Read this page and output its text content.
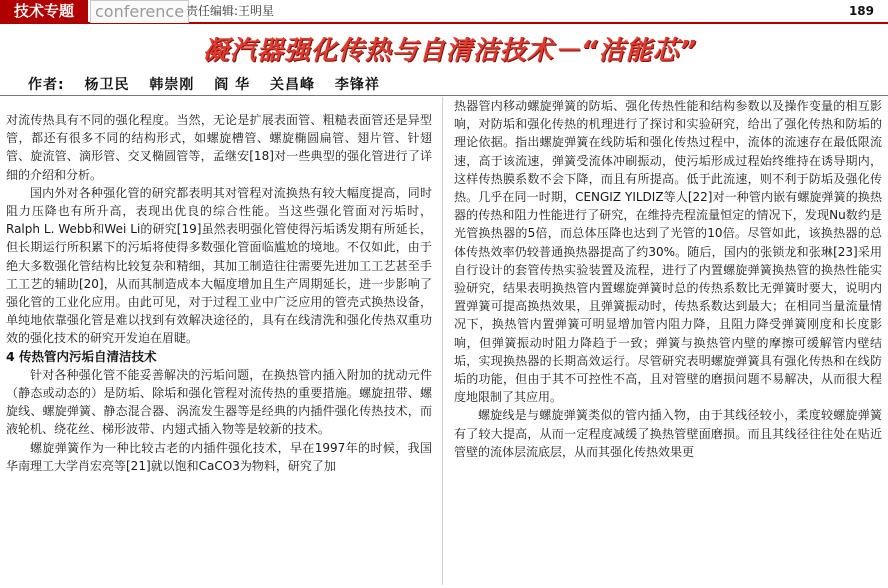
技术专题	conference 责任编辑:王明星	189
凝汽器强化传热与自清洁技术－“洁能芯”
作者: 杨卫民 韩崇刚 阎 华 关昌峰 李锋祥

对流传热具有不同的强化程度。当然，无论是扩展表面管、粗糙表面管还是异型管，都还有很多不同的结构形式，如螺旋槽管、螺旋椭圆扁管、翅片管、针翅管、旋流管、滴形管、交叉椭圆管等，孟继安[18]对一些典型的强化管进行了详细的介绍和分析。

国内外对各种强化管的研究都表明其对管程对流换热有较大幅度提高，同时阻力压降也有所升高，表现出优良的综合性能。当这些强化管面对污垢时，Ralph L. Webb和Wei Li的研究[19]虽然表明强化管使得污垢诱发期有所延长，但长期运行所积累下的污垢将使得多数强化管面临尴尬的境地。不仅如此，由于绝大多数强化管结构比较复杂和精细，其加工制造往往需要先进加工工艺甚至手工工艺的辅助[20]，从而其制造成本大幅度增加且生产周期延长，进一步影响了强化管的工业化应用。由此可见，对于过程工业中广泛应用的管壳式换热设备，单纯地依靠强化管是难以找到有效解决途径的，具有在线清洗和强化传热双重功效的强化技术的研究开发迫在眉睫。

4 传热管内污垢自清洁技术

针对各种强化管不能妥善解决的污垢问题，在换热管内插入附加的扰动元件（静态或动态的）是防垢、除垢和强化管程对流传热的重要措施。螺旋扭带、螺旋线、螺旋弹簧、静态混合器、涡流发生器等是经典的内插件强化传热技术，而液轮机、绕花丝、梯形波带、内翅式插入物等是较新的技术。

螺旋弹簧作为一种比较古老的内插件强化技术，早在1997年的时候，我国华南理工大学肖宏亮等[21]就以饱和CaCO3为物料，研究了加

热器管内移动螺旋弹簧的防垢、强化传热性能和结构参数以及操作变量的相互影响，对防垢和强化传热的机理进行了探讨和实验研究，给出了强化传热和防垢的理论依据。指出螺旋弹簧在线防垢和强化传热过程中，流体的流速存在最低限流速，高于该流速，弹簧受流体冲刷振动，使污垢形成过程始终维持在诱导期内，这样传热膜系数不会下降，而且有所提高。低于此流速，则不利于防垢及强化传热。几乎在同一时期，CENGIZ YILDIZ等人[22]对一种管内嵌有螺旋弹簧的换热器的传热和阻力性能进行了研究，在维持壳程流量恒定的情况下，发现Nu数约是光管换热器的5倍，而总体压降也达到了光管的10倍。尽管如此，该换热器的总体传热效率仍较普通换热器提高了约30%。随后，国内的张锁龙和张琳[23]采用自行设计的套管传热实验装置及流程，进行了内置螺旋弹簧换热管的换热性能实验研究，结果表明换热管内置螺旋弹簧时总的传热系数比无弹簧时要大，说明内置弹簧可提高换热效果，且弹簧振动时，传热系数达到最大；在相同当量流量情况下，换热管内置弹簧可明显增加管内阻力降，且阻力降受弹簧刚度和长度影响，但弹簧振动时阻力降趋于一致；弹簧与换热管内壁的摩擦可缓解管内壁结垢，实现换热器的长期高效运行。尽管研究表明螺旋弹簧具有强化传热和在线防垢的功能，但由于其不可控性不高，且对管壁的磨损问题不易解决，从而很大程度地限制了其应用。

螺旋线是与螺旋弹簧类似的管内插入物，由于其线径较小，柔度较螺旋弹簧有了较大提高，从而一定程度减缓了换热管壁面磨损。而且其线径往往处在贴近管壁的流体层流底层，从而其强化传热效果更
